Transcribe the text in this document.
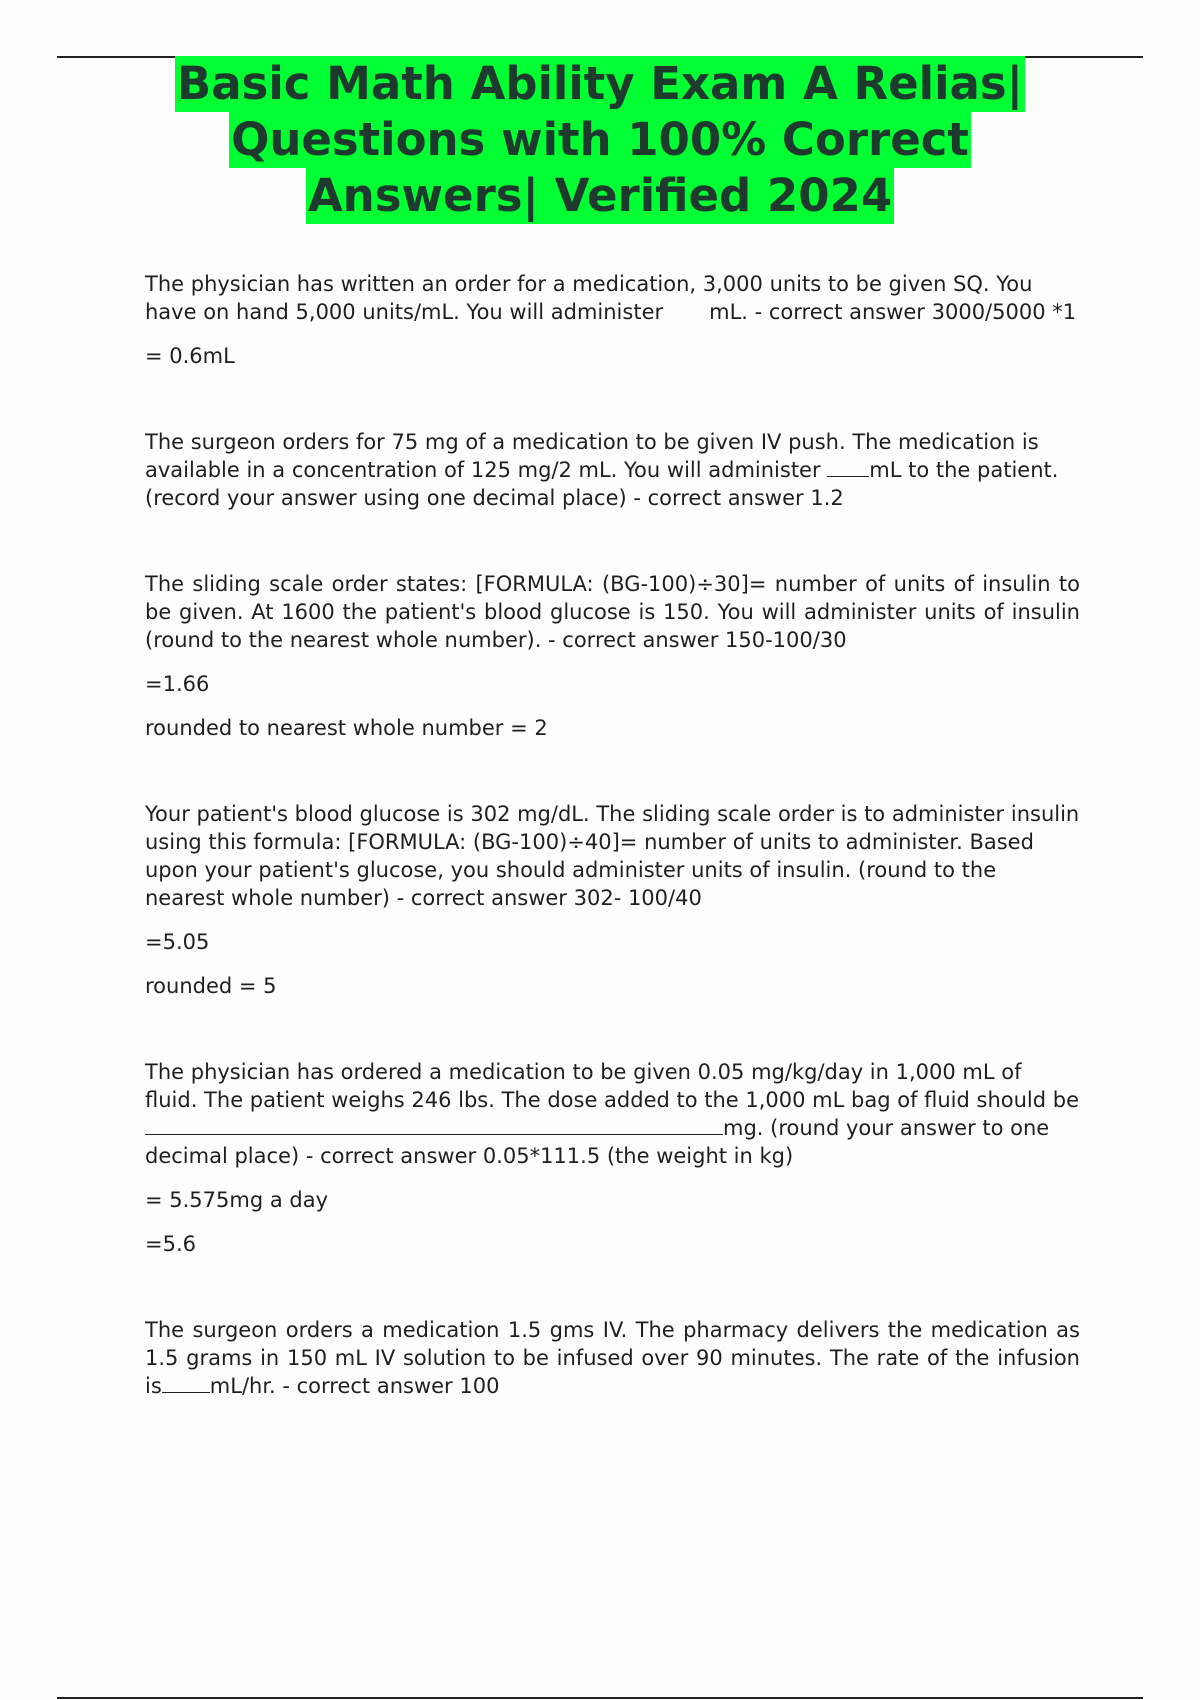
Basic Math Ability Exam A Relias|
Questions with 100% Correct
Answers| Verified 2024

The physician has written an order for a medication, 3,000 units to be given SQ. You have on hand 5,000 units/mL. You will administer mL. - correct answer 3000/5000 *1

= 0.6mL

The surgeon orders for 75 mg of a medication to be given IV push. The medication is available in a concentration of 125 mg/2 mL. You will administer mL to the patient. (record your answer using one decimal place) - correct answer 1.2

The sliding scale order states: [FORMULA: (BG-100)÷30]= number of units of insulin to be given. At 1600 the patient's blood glucose is 150. You will administer units of insulin (round to the nearest whole number). - correct answer 150-100/30

=1.66

rounded to nearest whole number = 2

Your patient's blood glucose is 302 mg/dL. The sliding scale order is to administer insulin using this formula: [FORMULA: (BG-100)÷40]= number of units to administer. Based upon your patient's glucose, you should administer units of insulin. (round to the nearest whole number) - correct answer 302- 100/40

=5.05

rounded = 5

The physician has ordered a medication to be given 0.05 mg/kg/day in 1,000 mL of fluid. The patient weighs 246 lbs. The dose added to the 1,000 mL bag of fluid should be mg. (round your answer to one decimal place) - correct answer 0.05*111.5 (the weight in kg)

= 5.575mg a day

=5.6

The surgeon orders a medication 1.5 gms IV. The pharmacy delivers the medication as 1.5 grams in 150 mL IV solution to be infused over 90 minutes. The rate of the infusion is mL/hr. - correct answer 100
